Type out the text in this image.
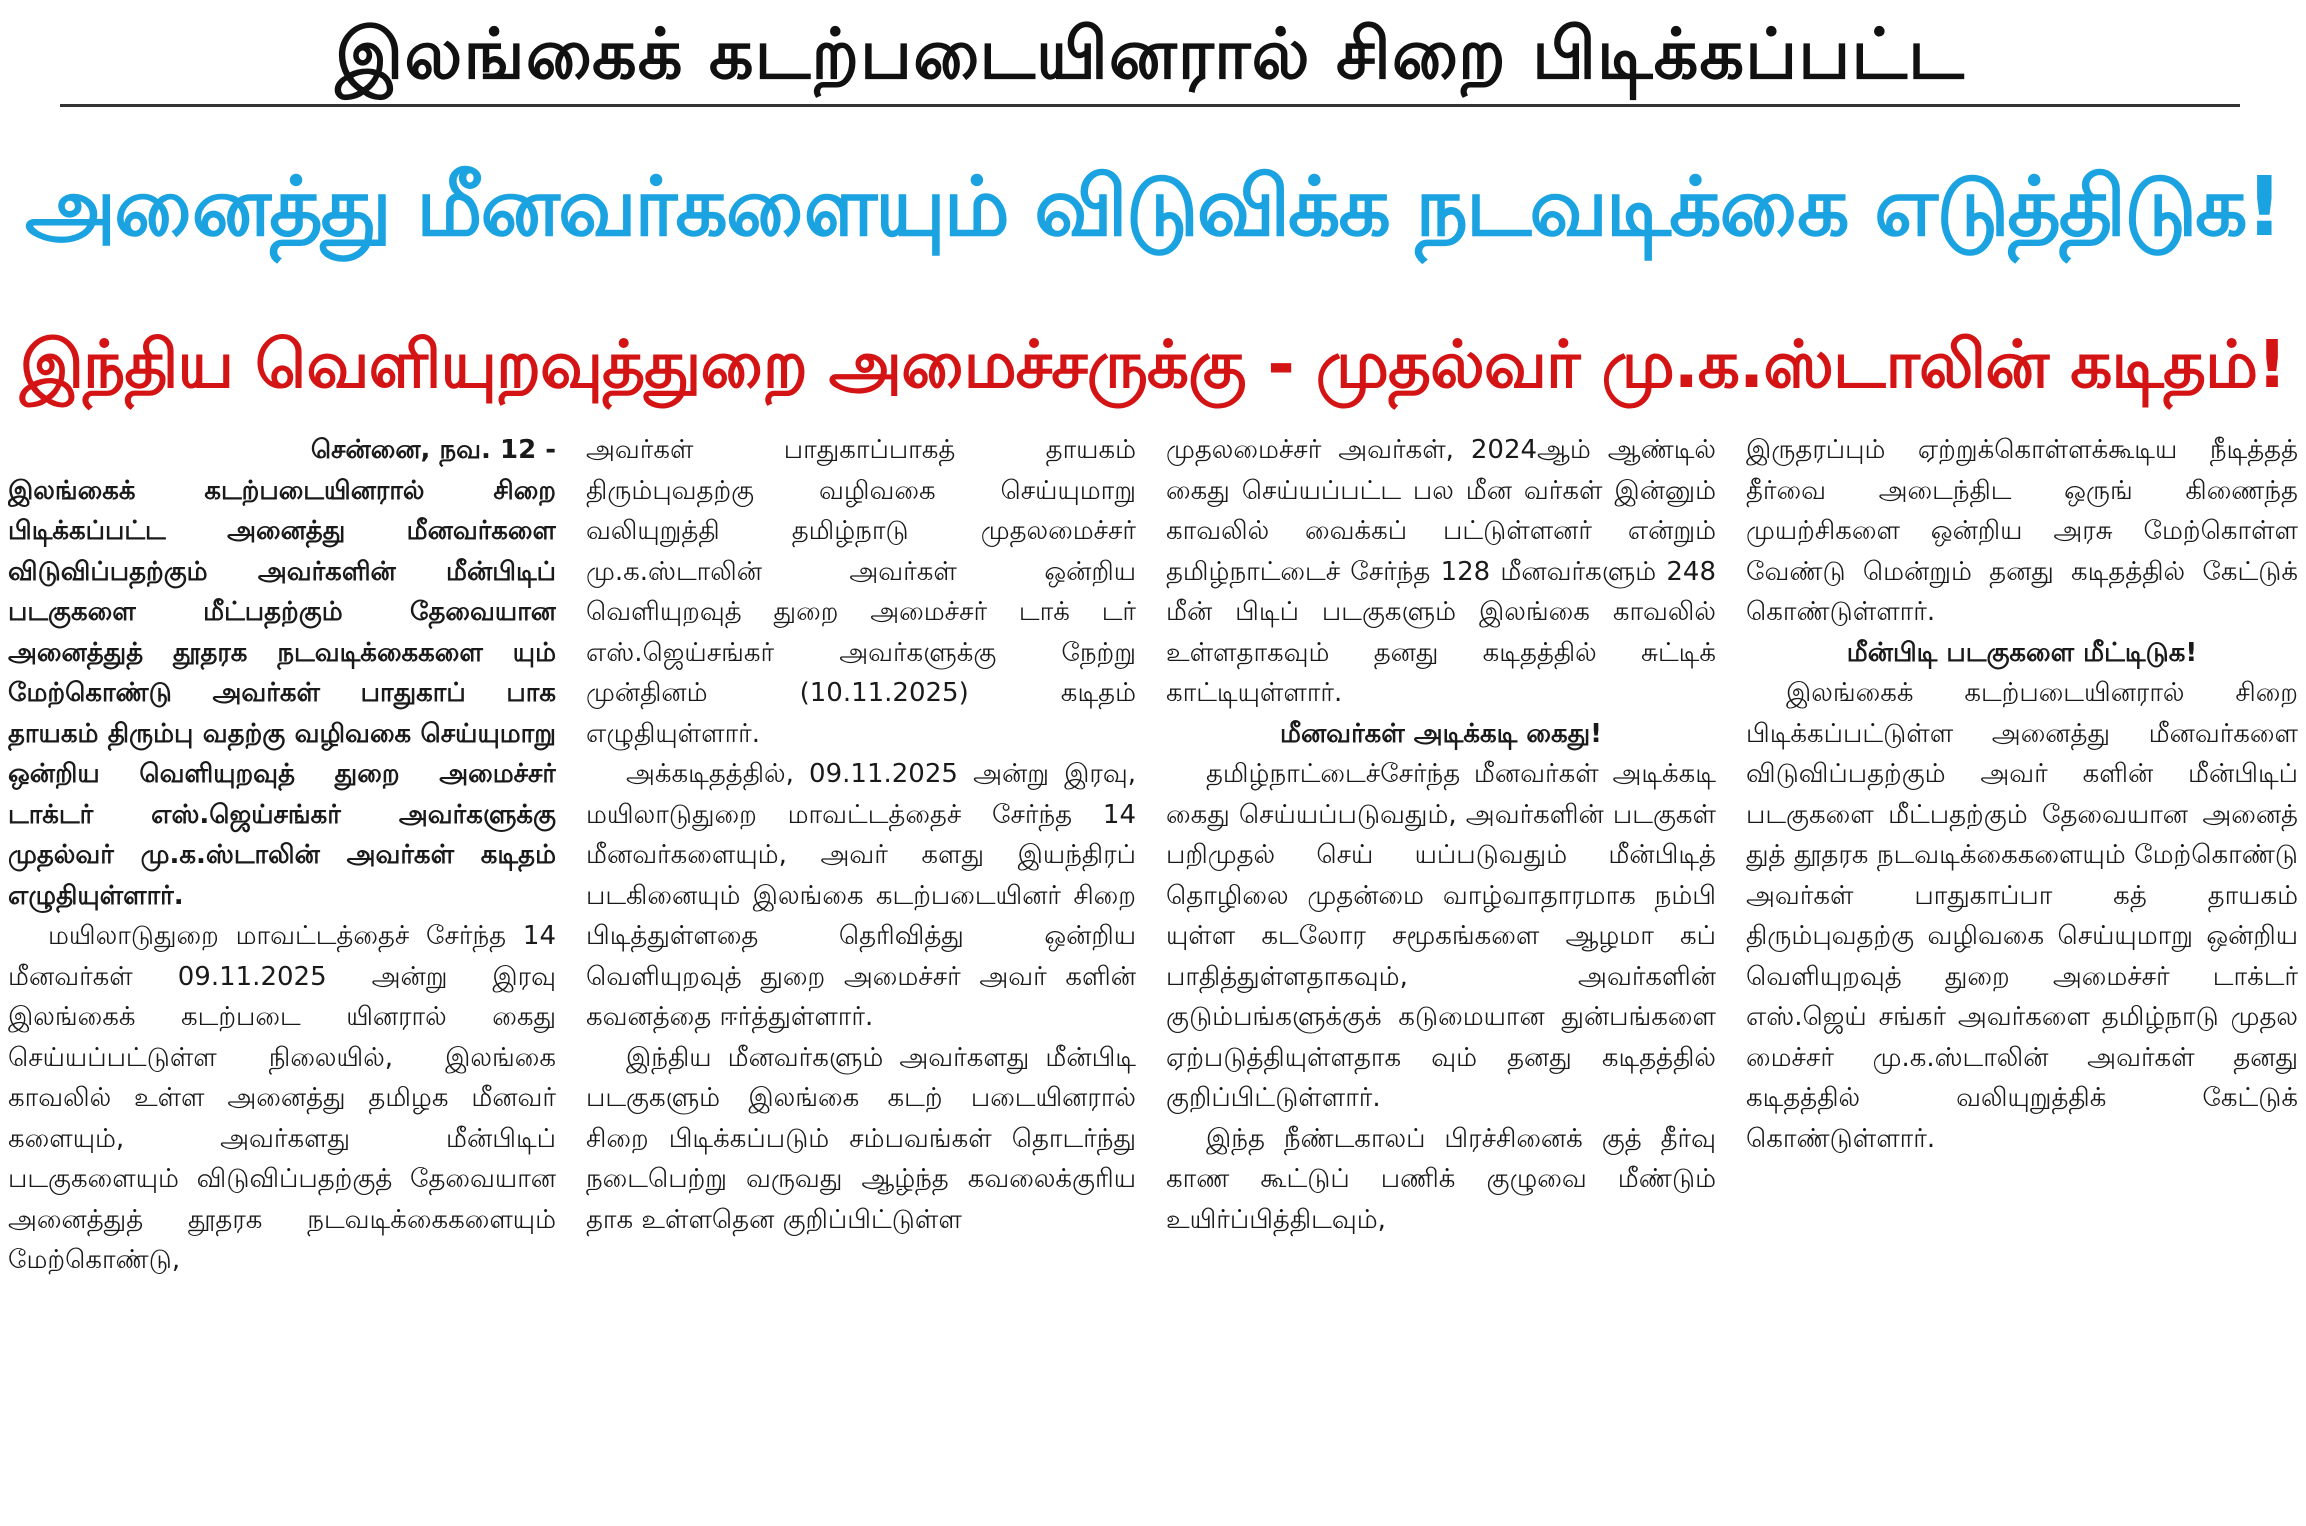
இலங்கைக் கடற்படையினரால் சிறை பிடிக்கப்பட்ட
அனைத்து மீனவர்களையும் விடுவிக்க நடவடிக்கை எடுத்திடுக!
இந்திய வெளியுறவுத்துறை அமைச்சருக்கு - முதல்வர் மு.க.ஸ்டாலின் கடிதம்!

சென்னை, நவ. 12 -

இலங்கைக் கடற்படையினரால் சிறை பிடிக்கப்பட்ட அனைத்து மீனவர்களை விடுவிப்பதற்கும் அவர்களின் மீன்பிடிப் படகுகளை மீட்பதற்கும் தேவையான அனைத்துத் தூதரக நடவடிக்கைகளை யும் மேற்கொண்டு அவர்கள் பாதுகாப் பாக தாயகம் திரும்பு வதற்கு வழிவகை செய்யுமாறு ஒன்றிய வெளியுறவுத் துறை அமைச்சர் டாக்டர் எஸ்.ஜெய்சங்கர் அவர்களுக்கு முதல்வர் மு.க.ஸ்டாலின் அவர்கள் கடிதம் எழுதியுள்ளார்.

மயிலாடுதுறை மாவட்டத்தைச் சேர்ந்த 14 மீனவர்கள் 09.11.2025 அன்று இரவு இலங்கைக் கடற்படை யினரால் கைது செய்யப்பட்டுள்ள நிலையில், இலங்கை காவலில் உள்ள அனைத்து தமிழக மீனவர் களையும், அவர்களது மீன்பிடிப் படகுகளையும் விடுவிப்பதற்குத் தேவையான அனைத்துத் தூதரக நடவடிக்கைகளையும் மேற்கொண்டு,

அவர்கள் பாதுகாப்பாகத் தாயகம் திரும்புவதற்கு வழிவகை செய்யுமாறு வலியுறுத்தி தமிழ்நாடு முதலமைச்சர் மு.க.ஸ்டாலின் அவர்கள் ஒன்றிய வெளியுறவுத் துறை அமைச்சர் டாக் டர் எஸ்.ஜெய்சங்கர் அவர்களுக்கு நேற்று முன்தினம் (10.11.2025) கடிதம் எழுதியுள்ளார்.

அக்கடிதத்தில், 09.11.2025 அன்று இரவு, மயிலாடுதுறை மாவட்டத்தைச் சேர்ந்த 14 மீனவர்களையும், அவர் களது இயந்திரப் படகினையும் இலங்கை கடற்படையினர் சிறை பிடித்துள்ளதை தெரிவித்து ஒன்றிய வெளியுறவுத் துறை அமைச்சர் அவர் களின் கவனத்தை ஈர்த்துள்ளார்.

இந்திய மீனவர்களும் அவர்களது மீன்பிடி படகுகளும் இலங்கை கடற் படையினரால் சிறை பிடிக்கப்படும் சம்பவங்கள் தொடர்ந்து நடைபெற்று வருவது ஆழ்ந்த கவலைக்குரிய தாக உள்ளதென குறிப்பிட்டுள்ள

முதலமைச்சர் அவர்கள், 2024ஆம் ஆண்டில் கைது செய்யப்பட்ட பல மீன வர்கள் இன்னும் காவலில் வைக்கப் பட்டுள்ளனர் என்றும் தமிழ்நாட்டைச் சேர்ந்த 128 மீனவர்களும் 248 மீன் பிடிப் படகுகளும் இலங்கை காவலில் உள்ளதாகவும் தனது கடிதத்தில் சுட்டிக் காட்டியுள்ளார்.

மீனவர்கள் அடிக்கடி கைது!

தமிழ்நாட்டைச்சேர்ந்த மீனவர்கள் அடிக்கடி கைது செய்யப்படுவதும், அவர்களின் படகுகள் பறிமுதல் செய் யப்படுவதும் மீன்பிடித் தொழிலை முதன்மை வாழ்வாதாரமாக நம்பி யுள்ள கடலோர சமூகங்களை ஆழமா கப் பாதித்துள்ளதாகவும், அவர்களின் குடும்பங்களுக்குக் கடுமையான துன்பங்களை ஏற்படுத்தியுள்ளதாக வும் தனது கடிதத்தில் குறிப்பிட்டுள்ளார்.

இந்த நீண்டகாலப் பிரச்சினைக் குத் தீர்வு காண கூட்டுப் பணிக் குழுவை மீண்டும் உயிர்ப்பித்திடவும்,

இருதரப்பும் ஏற்றுக்கொள்ளக்கூடிய நீடித்தத் தீர்வை அடைந்திட ஒருங் கிணைந்த முயற்சிகளை ஒன்றிய அரசு மேற்கொள்ள வேண்டு மென்றும் தனது கடிதத்தில் கேட்டுக் கொண்டுள்ளார்.

மீன்பிடி படகுகளை மீட்டிடுக!

இலங்கைக் கடற்படையினரால் சிறை பிடிக்கப்பட்டுள்ள அனைத்து மீனவர்களை விடுவிப்பதற்கும் அவர் களின் மீன்பிடிப் படகுகளை மீட்பதற்கும் தேவையான அனைத் துத் தூதரக நடவடிக்கைகளையும் மேற்கொண்டு அவர்கள் பாதுகாப்பா கத் தாயகம் திரும்புவதற்கு வழிவகை செய்யுமாறு ஒன்றிய வெளியுறவுத் துறை அமைச்சர் டாக்டர் எஸ்.ஜெய் சங்கர் அவர்களை தமிழ்நாடு முதல மைச்சர் மு.க.ஸ்டாலின் அவர்கள் தனது கடிதத்தில் வலியுறுத்திக் கேட்டுக் கொண்டுள்ளார்.
